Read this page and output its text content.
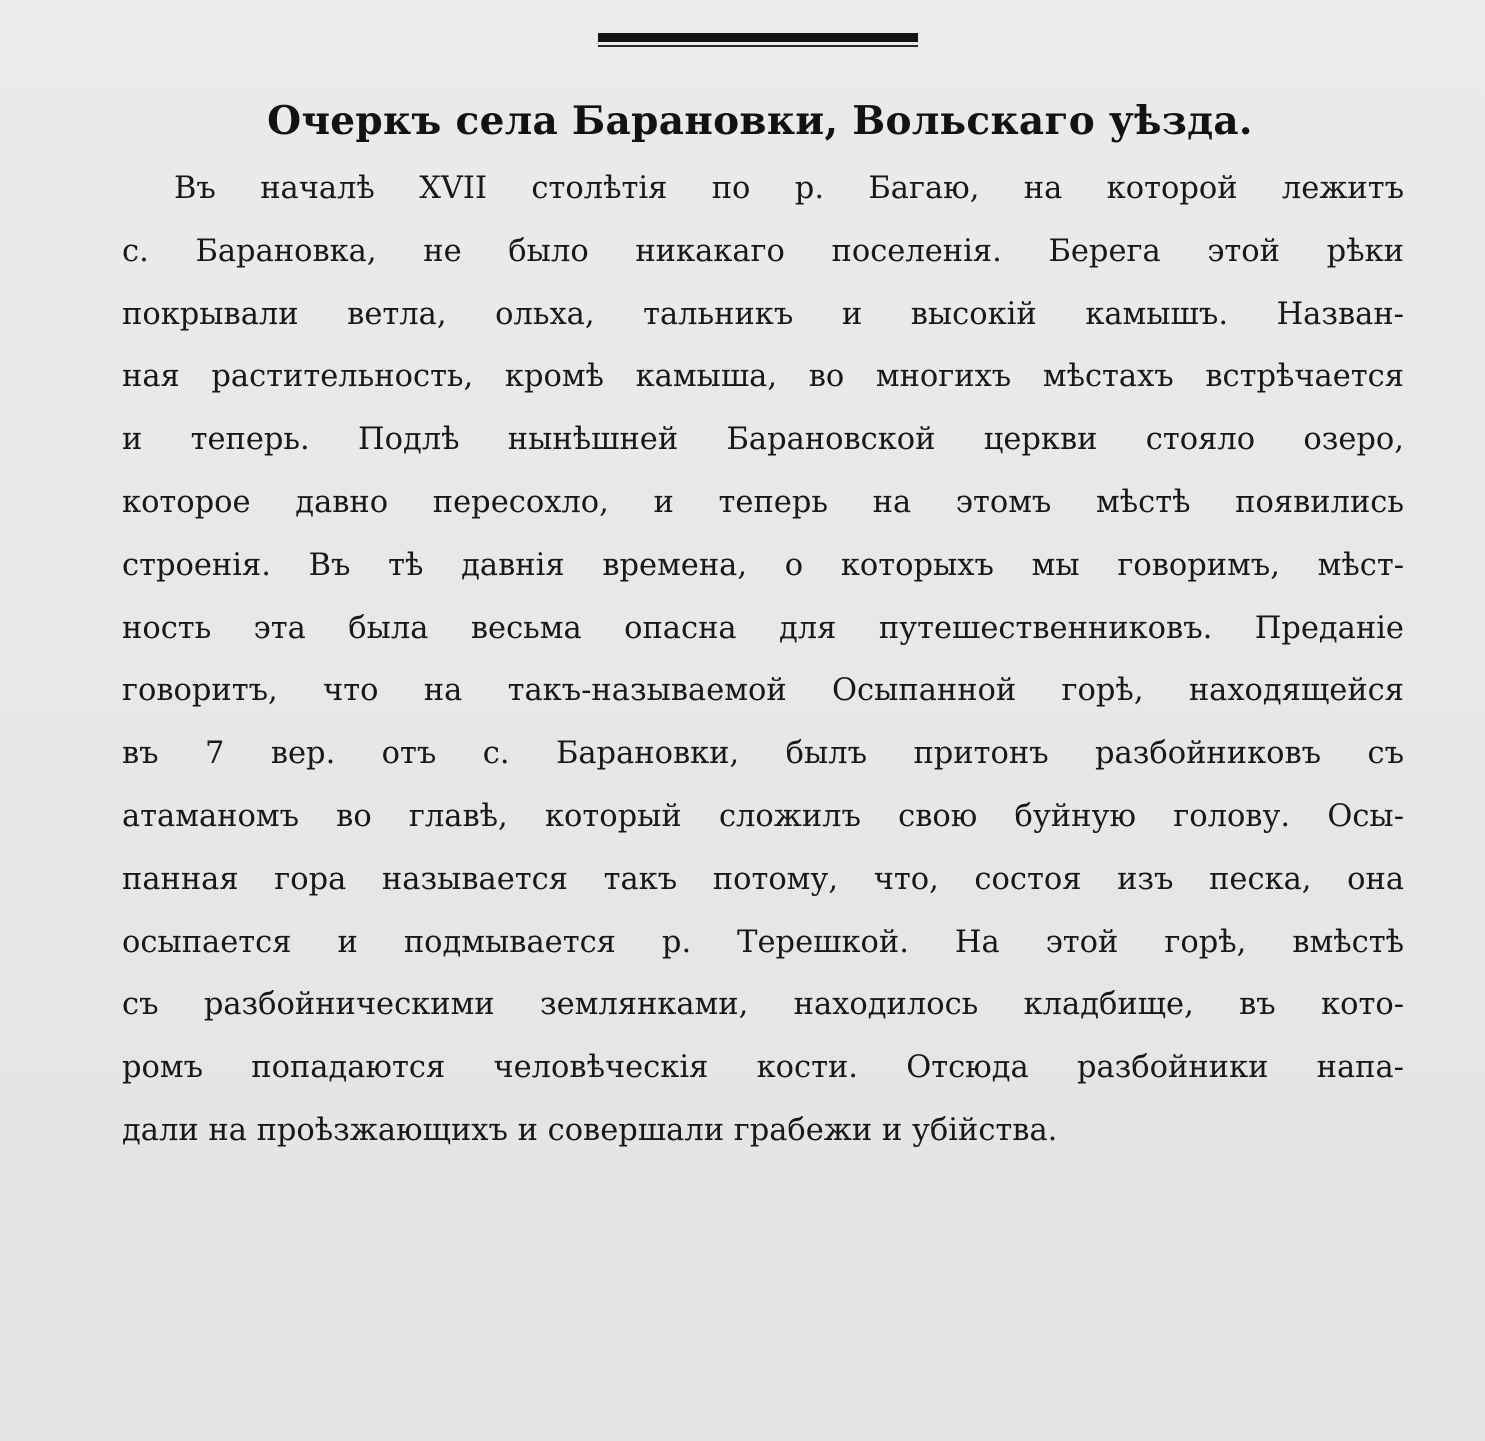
Очеркъ села Барановки, Вольскаго уѣзда.
Въ началѣ XVII столѣтія по р. Багаю, на которой лежитъ
с. Барановка, не было никакаго поселенія. Берега этой рѣки
покрывали ветла, ольха, тальникъ и высокій камышъ. Назван-
ная растительность, кромѣ камыша, во многихъ мѣстахъ встрѣчается
и теперь. Подлѣ нынѣшней Барановской церкви стояло озеро,
которое давно пересохло, и теперь на этомъ мѣстѣ появились
строенія. Въ тѣ давнія времена, о которыхъ мы говоримъ, мѣст-
ность эта была весьма опасна для путешественниковъ. Преданіе
говоритъ, что на такъ-называемой Осыпанной горѣ, находящейся
въ 7 вер. отъ с. Барановки, былъ притонъ разбойниковъ съ
атаманомъ во главѣ, который сложилъ свою буйную голову. Осы-
панная гора называется такъ потому, что, состоя изъ песка, она
осыпается и подмывается р. Терешкой. На этой горѣ, вмѣстѣ
съ разбойническими землянками, находилось кладбище, въ кото-
ромъ попадаются человѣческія кости. Отсюда разбойники напа-
дали на проѣзжающихъ и совершали грабежи и убійства.
